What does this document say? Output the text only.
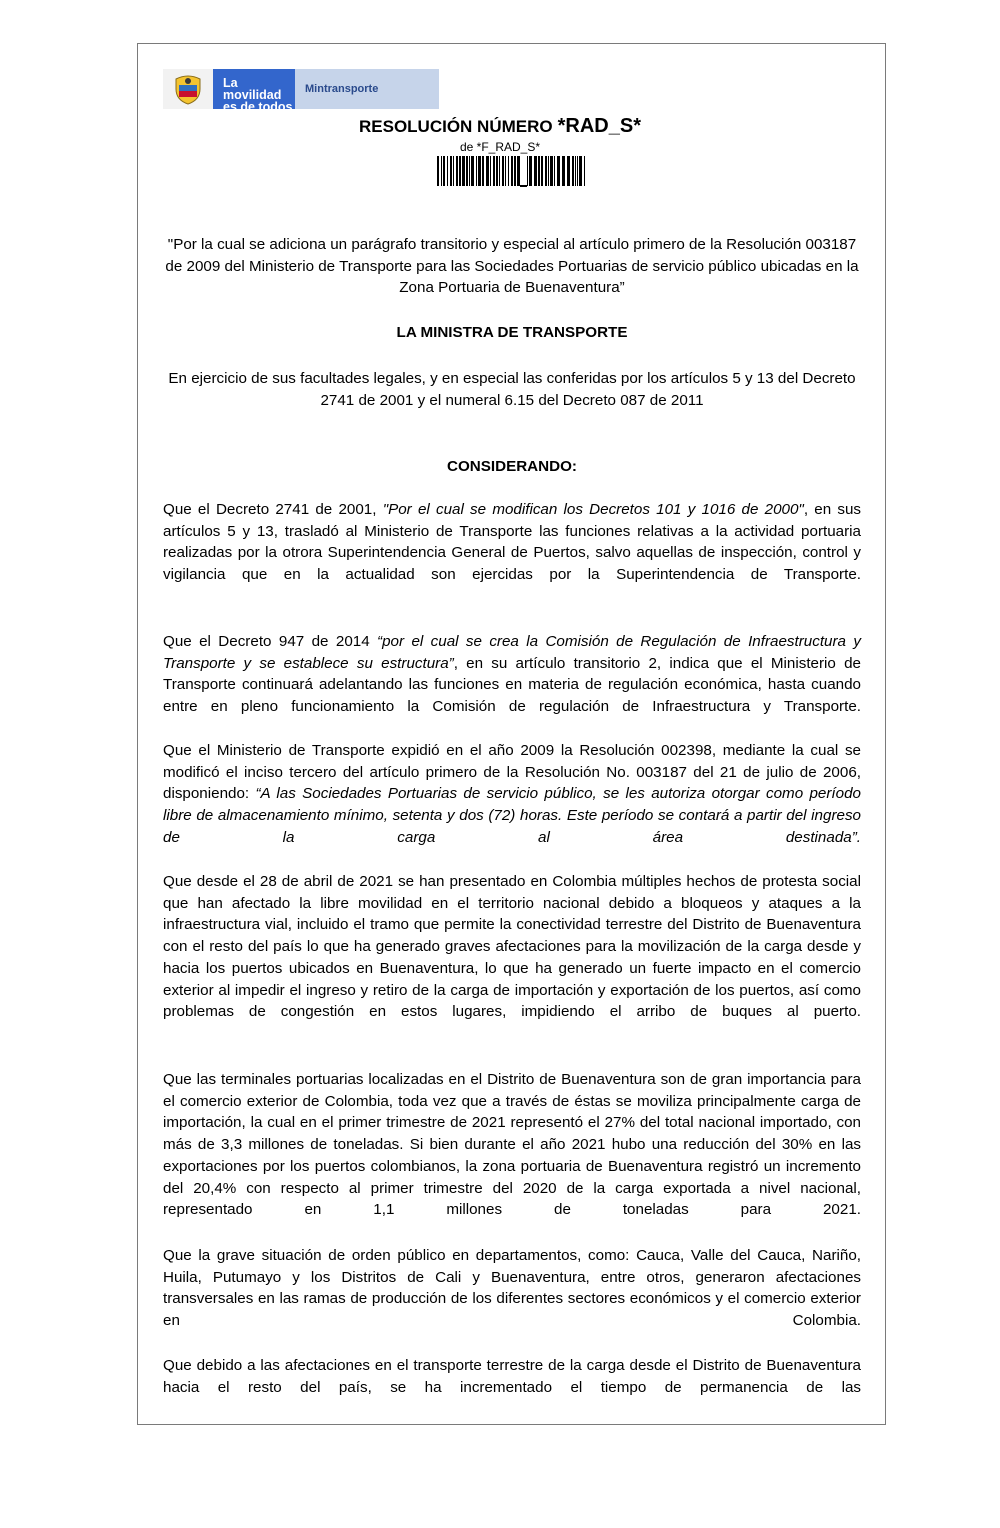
La movilidad
es de todos
Mintransporte
RESOLUCIÓN NÚMERO *RAD_S*
de *F_RAD_S*
"Por la cual se adiciona un parágrafo transitorio y especial al artículo primero de la Resolución 003187 de 2009 del Ministerio de Transporte para las Sociedades Portuarias de servicio público ubicadas en la Zona Portuaria de Buenaventura”
LA MINISTRA DE TRANSPORTE
En ejercicio de sus facultades legales, y en especial las conferidas por los artículos 5 y 13 del Decreto 2741 de 2001 y el numeral 6.15 del Decreto 087 de 2011
CONSIDERANDO:
Que el Decreto 2741 de 2001, "Por el cual se modifican los Decretos 101 y 1016 de 2000", en sus artículos 5 y 13, trasladó al Ministerio de Transporte las funciones relativas a la actividad portuaria realizadas por la otrora Superintendencia General de Puertos, salvo aquellas de inspección, control y vigilancia que en la actualidad son ejercidas por la Superintendencia de Transporte.
Que el Decreto 947 de 2014 “por el cual se crea la Comisión de Regulación de Infraestructura y Transporte y se establece su estructura”, en su artículo transitorio 2, indica que el Ministerio de Transporte continuará adelantando las funciones en materia de regulación económica, hasta cuando entre en pleno funcionamiento la Comisión de regulación de Infraestructura y Transporte.
Que el Ministerio de Transporte expidió en el año 2009 la Resolución 002398, mediante la cual se modificó el inciso tercero del artículo primero de la Resolución No. 003187 del 21 de julio de 2006, disponiendo: “A las Sociedades Portuarias de servicio público, se les autoriza otorgar como período libre de almacenamiento mínimo, setenta y dos (72) horas. Este período se contará a partir del ingreso de la carga al área destinada”.
Que desde el 28 de abril de 2021 se han presentado en Colombia múltiples hechos de protesta social que han afectado la libre movilidad en el territorio nacional debido a bloqueos y ataques a la infraestructura vial, incluido el tramo que permite la conectividad terrestre del Distrito de Buenaventura con el resto del país lo que ha generado graves afectaciones para la movilización de la carga desde y hacia los puertos ubicados en Buenaventura, lo que ha generado un fuerte impacto en el comercio exterior al impedir el ingreso y retiro de la carga de importación y exportación de los puertos, así como problemas de congestión en estos lugares, impidiendo el arribo de buques al puerto.
Que las terminales portuarias localizadas en el Distrito de Buenaventura son de gran importancia para el comercio exterior de Colombia, toda vez que a través de éstas se moviliza principalmente carga de importación, la cual en el primer trimestre de 2021 representó el 27% del total nacional importado, con más de 3,3 millones de toneladas. Si bien durante el año 2021 hubo una reducción del 30% en las exportaciones por los puertos colombianos, la zona portuaria de Buenaventura registró un incremento del 20,4% con respecto al primer trimestre del 2020 de la carga exportada a nivel nacional, representado en 1,1 millones de toneladas para 2021.
Que la grave situación de orden público en departamentos, como: Cauca, Valle del Cauca, Nariño, Huila, Putumayo y los Distritos de Cali y Buenaventura, entre otros, generaron afectaciones transversales en las ramas de producción de los diferentes sectores económicos y el comercio exterior en Colombia.
Que debido a las afectaciones en el transporte terrestre de la carga desde el Distrito de Buenaventura hacia el resto del país, se ha incrementado el tiempo de permanencia de las
